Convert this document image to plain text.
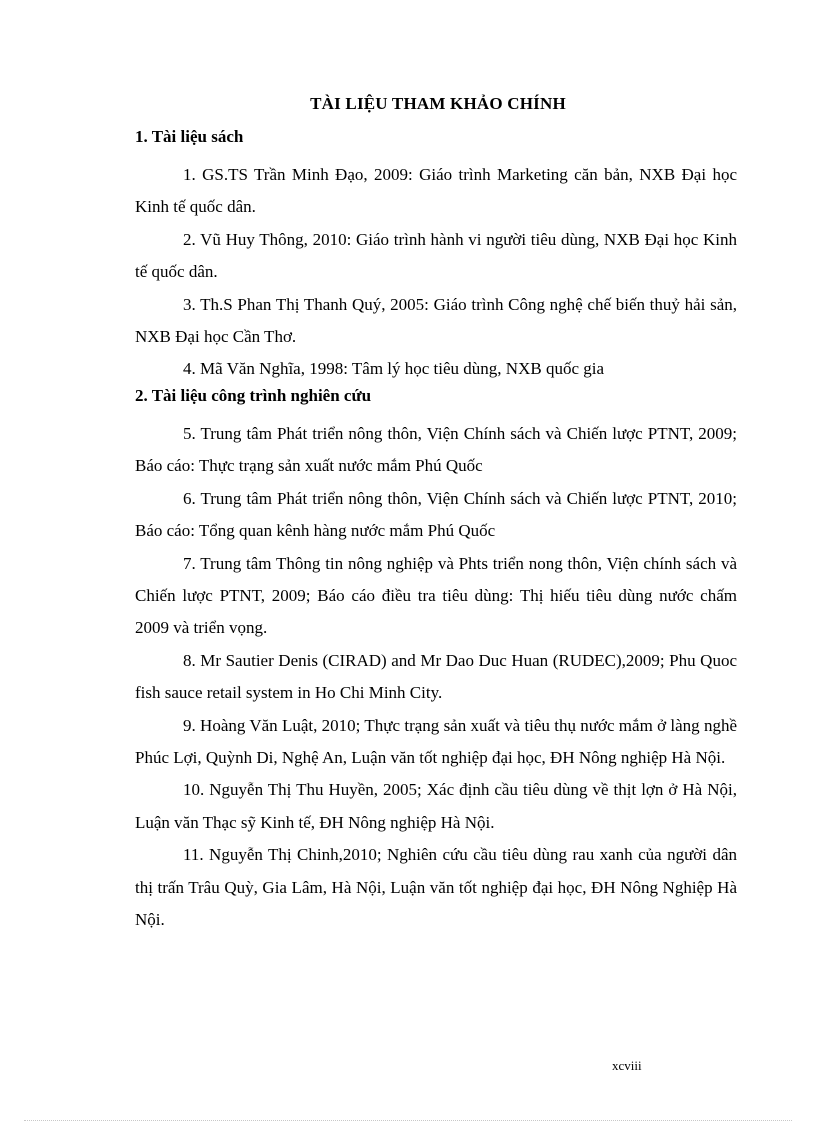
TÀI LIỆU THAM KHẢO CHÍNH
1. Tài liệu sách

1. GS.TS Trần Minh Đạo, 2009: Giáo trình Marketing căn bản, NXB Đại học Kinh tế quốc dân.

2. Vũ Huy Thông, 2010: Giáo trình hành vi người tiêu dùng, NXB Đại học Kinh tế quốc dân.

3. Th.S Phan Thị Thanh Quý, 2005: Giáo trình Công nghệ chế biến thuỷ hải sản, NXB Đại học Cần Thơ.

4. Mã Văn Nghĩa, 1998: Tâm lý học tiêu dùng, NXB quốc gia

2. Tài liệu công trình nghiên cứu

5. Trung tâm Phát triển nông thôn, Viện Chính sách và Chiến lược PTNT, 2009; Báo cáo: Thực trạng sản xuất nước mắm Phú Quốc

6. Trung tâm Phát triển nông thôn, Viện Chính sách và Chiến lược PTNT, 2010; Báo cáo: Tổng quan kênh hàng nước mắm Phú Quốc

7. Trung tâm Thông tin nông nghiệp và Phts triển nong thôn, Viện chính sách và Chiến lược PTNT, 2009; Báo cáo điều tra tiêu dùng: Thị hiếu tiêu dùng nước chấm 2009 và triển vọng.

8. Mr Sautier Denis (CIRAD) and Mr Dao Duc Huan (RUDEC),2009; Phu Quoc fish sauce retail system in Ho Chi Minh City.

9. Hoàng Văn Luật, 2010; Thực trạng sản xuất và tiêu thụ nước mắm ở làng nghề Phúc Lợi, Quỳnh Di, Nghệ An, Luận văn tốt nghiệp đại học, ĐH Nông nghiệp Hà Nội.

10. Nguyễn Thị Thu Huyền, 2005; Xác định cầu tiêu dùng về thịt lợn ở Hà Nội, Luận văn Thạc sỹ Kinh tế, ĐH Nông nghiệp Hà Nội.

11. Nguyễn Thị Chinh,2010; Nghiên cứu cầu tiêu dùng rau xanh của người dân thị trấn Trâu Quỳ, Gia Lâm, Hà Nội, Luận văn tốt nghiệp đại học, ĐH Nông Nghiệp Hà Nội.

xcviii
